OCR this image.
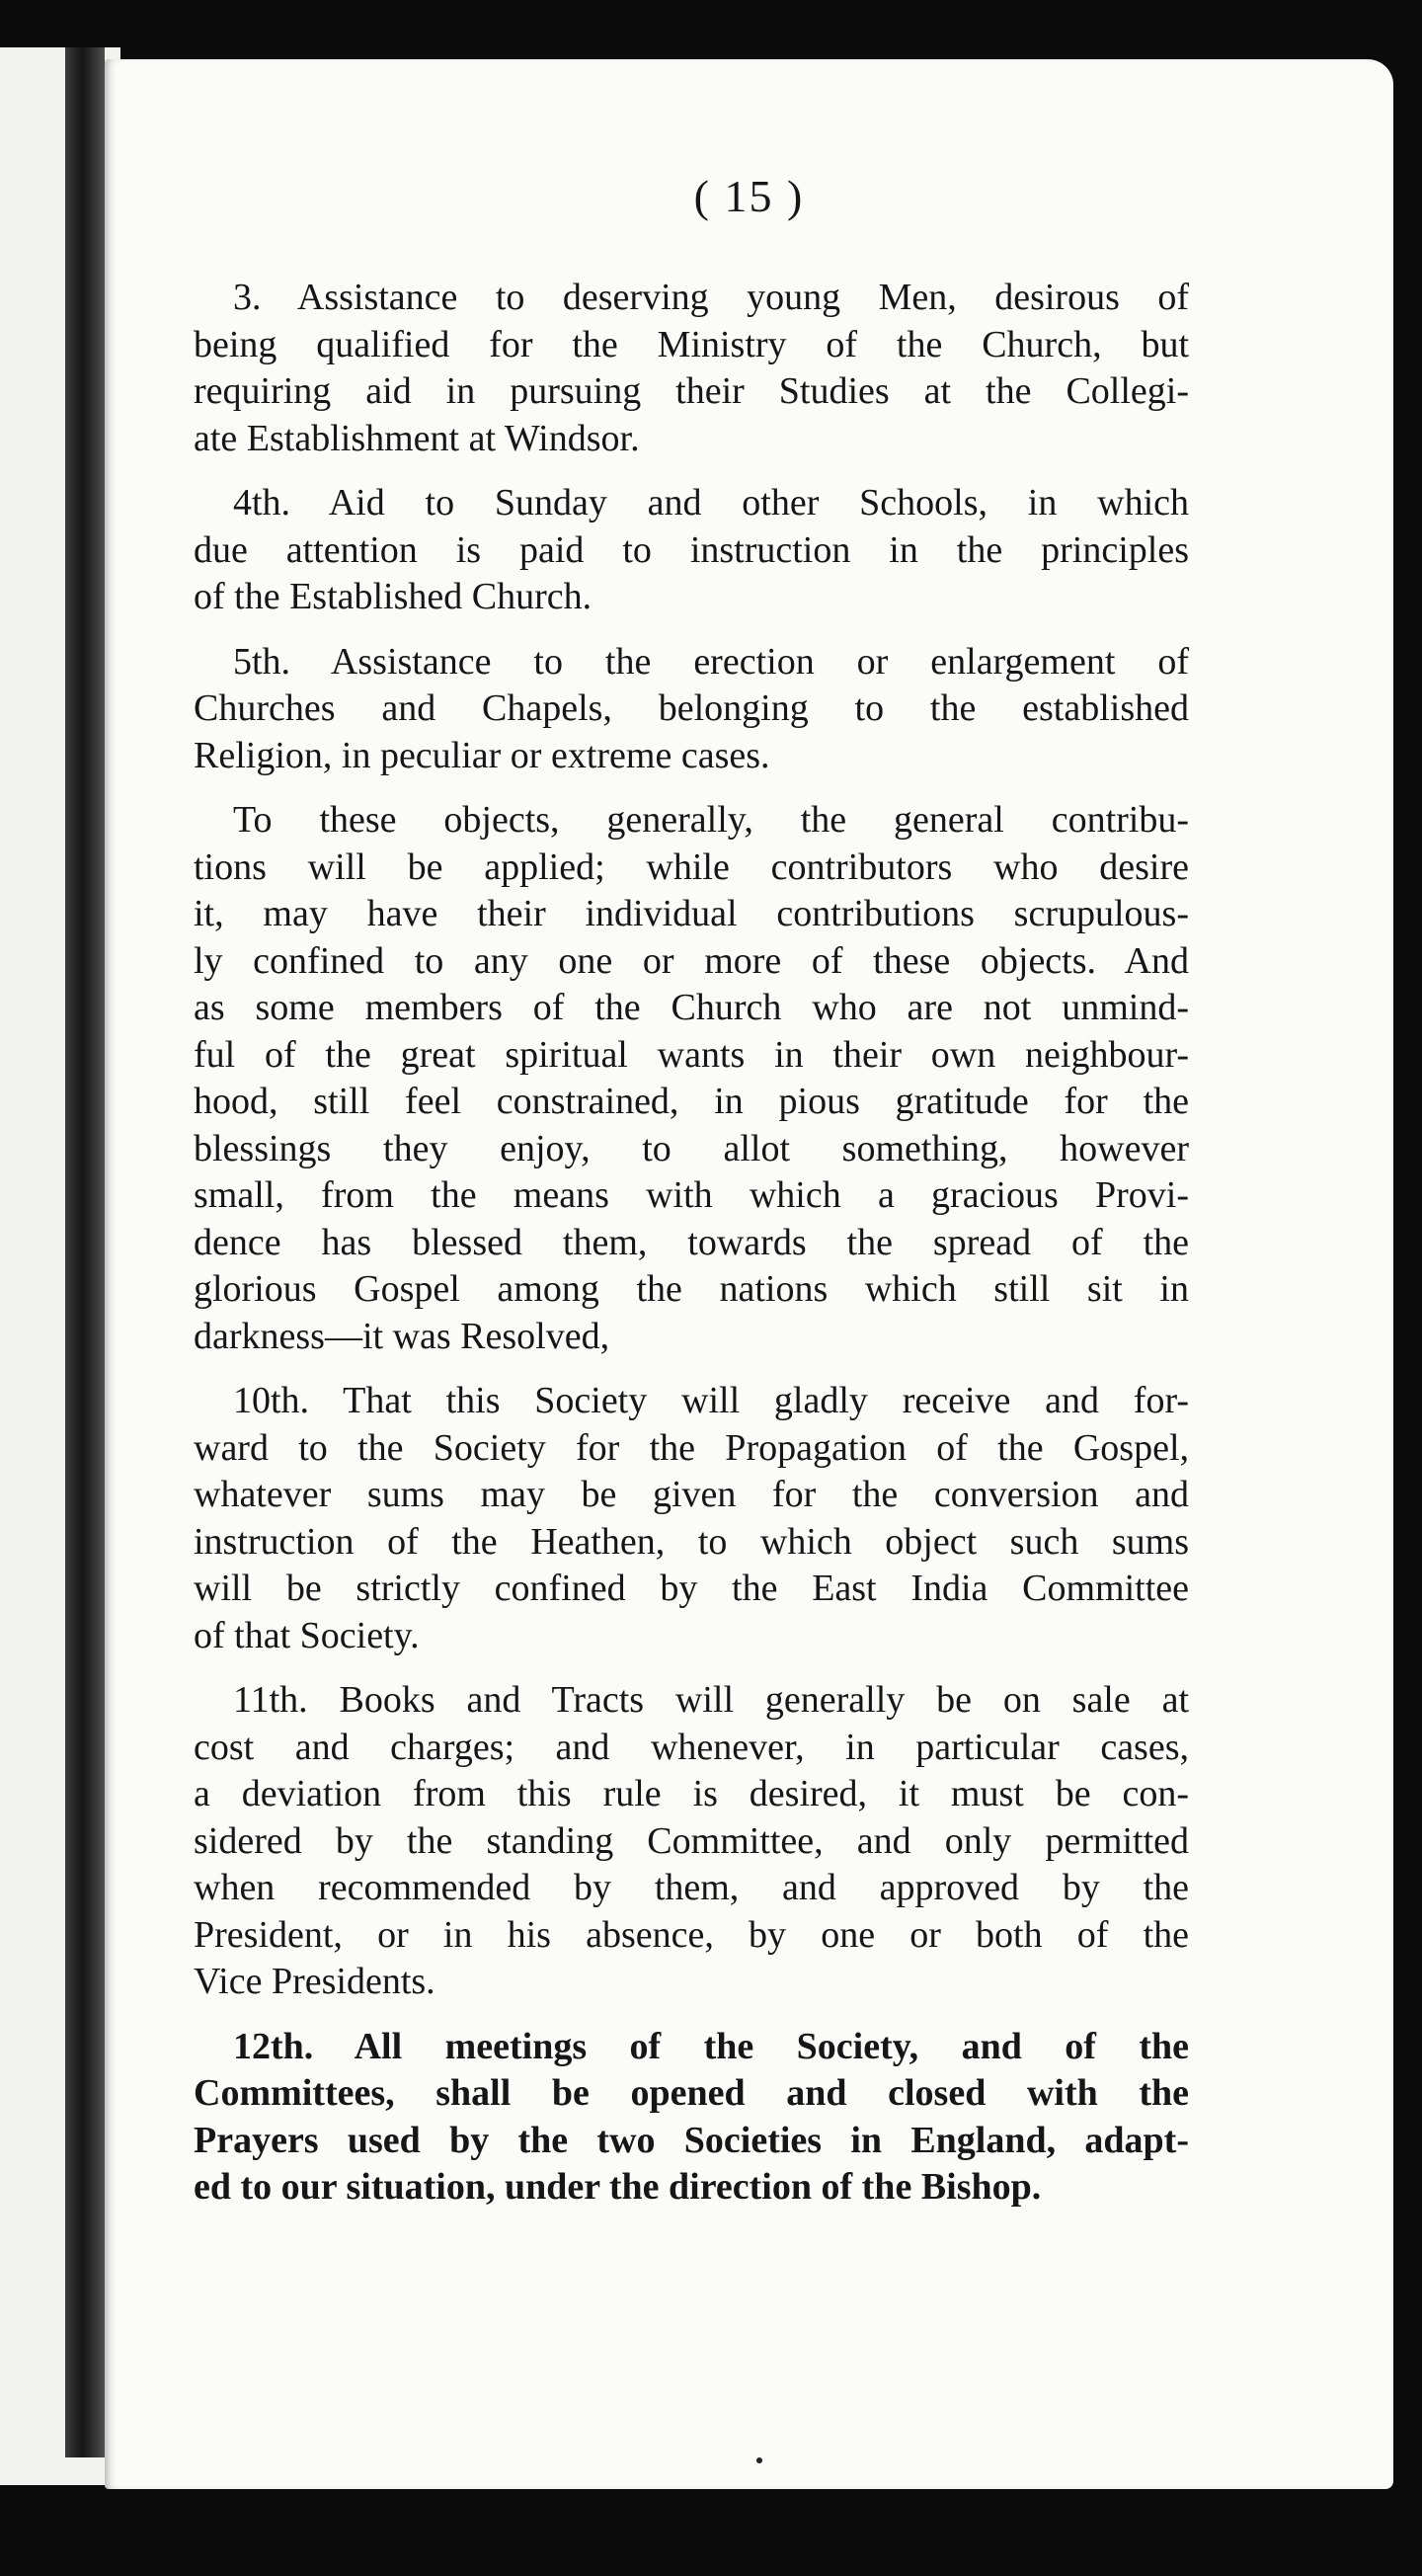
( 15 )
3. Assistance to deserving young Men, desirous of
being qualified for the Ministry of the Church, but
requiring aid in pursuing their Studies at the Collegi-
ate Establishment at Windsor.
4th. Aid to Sunday and other Schools, in which
due attention is paid to instruction in the principles
of the Established Church.
5th. Assistance to the erection or enlargement of
Churches and Chapels, belonging to the established
Religion, in peculiar or extreme cases.
To these objects, generally, the general contribu-
tions will be applied; while contributors who desire
it, may have their individual contributions scrupulous-
ly confined to any one or more of these objects. And
as some members of the Church who are not unmind-
ful of the great spiritual wants in their own neighbour-
hood, still feel constrained, in pious gratitude for the
blessings they enjoy, to allot something, however
small, from the means with which a gracious Provi-
dence has blessed them, towards the spread of the
glorious Gospel among the nations which still sit in
darkness—it was Resolved,
10th. That this Society will gladly receive and for-
ward to the Society for the Propagation of the Gospel,
whatever sums may be given for the conversion and
instruction of the Heathen, to which object such sums
will be strictly confined by the East India Committee
of that Society.
11th. Books and Tracts will generally be on sale at
cost and charges; and whenever, in particular cases,
a deviation from this rule is desired, it must be con-
sidered by the standing Committee, and only permitted
when recommended by them, and approved by the
President, or in his absence, by one or both of the
Vice Presidents.
12th. All meetings of the Society, and of the
Committees, shall be opened and closed with the
Prayers used by the two Societies in England, adapt-
ed to our situation, under the direction of the Bishop.
